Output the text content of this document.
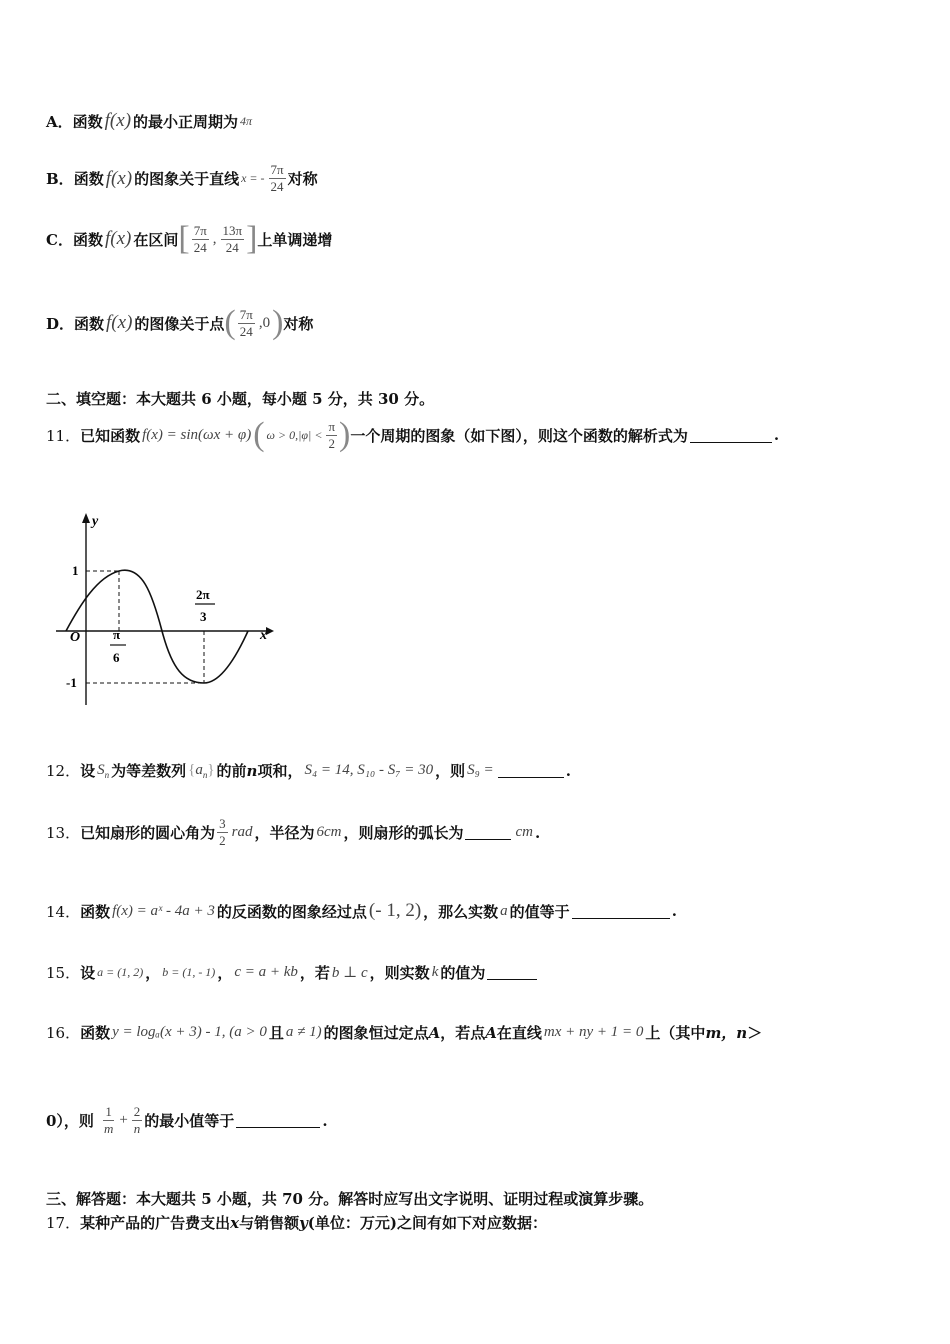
A． 函数 f(x) 的最小正周期为 4π
B． 函数 f(x) 的图象关于直线 x = - $\frac{7\pi}{24}$ 对称
C． 函数 f(x) 在区间 [ $\frac{7\pi}{24}$ , $\frac{13\pi}{24}$ ] 上单调递增
D． 函数 f(x) 的图像关于点 ( $\frac{7\pi}{24} ,0$ ) 对称
二、填空题：本大题共 6 小题，每小题 5 分，共 30 分。
11． 已知函数 f(x) = sin(ωx + φ) ( $\omega > 0,|\varphi| < \frac{\pi}{2}$ ) 一个周期的图象（如下图），则这个函数的解析式为	.
y
x
O
1
-1
π
6
2π
3
12． 设 $S_n$ 为等差数列 $\{a_n\}$ 的前 n 项和， S₄ = 14, S₁₀ - S₇ = 30 ，则 S₉ =	.
13． 已知扇形的圆心角为 $\frac{3}{2}$ rad ，半径为 6cm ，则扇形的弧长为	cm .
14． 函数 f(x) = aˣ - 4a + 3 的反函数的图象经过点 (- 1, 2) ，那么实数 a 的值等于	.
15． 设 a = (1, 2) ， b = (1, - 1) ， c = a + kb ，若 b ⊥ c ，则实数 k 的值为
16． 函数 y = logₐ(x + 3) - 1, (a > 0 且 a ≠ 1) 的图象恒过定点 A ，若点 A 在直线 mx + ny + 1 = 0 上（其中 m，n ＞
0），则 $\frac{1}{m} + \frac{2}{n}$ 的最小值等于	.
三、解答题：本大题共 5 小题，共 70 分。解答时应写出文字说明、证明过程或演算步骤。
17． 某种产品的广告费支出 x 与销售额 y (单位：万元)之间有如下对应数据：
